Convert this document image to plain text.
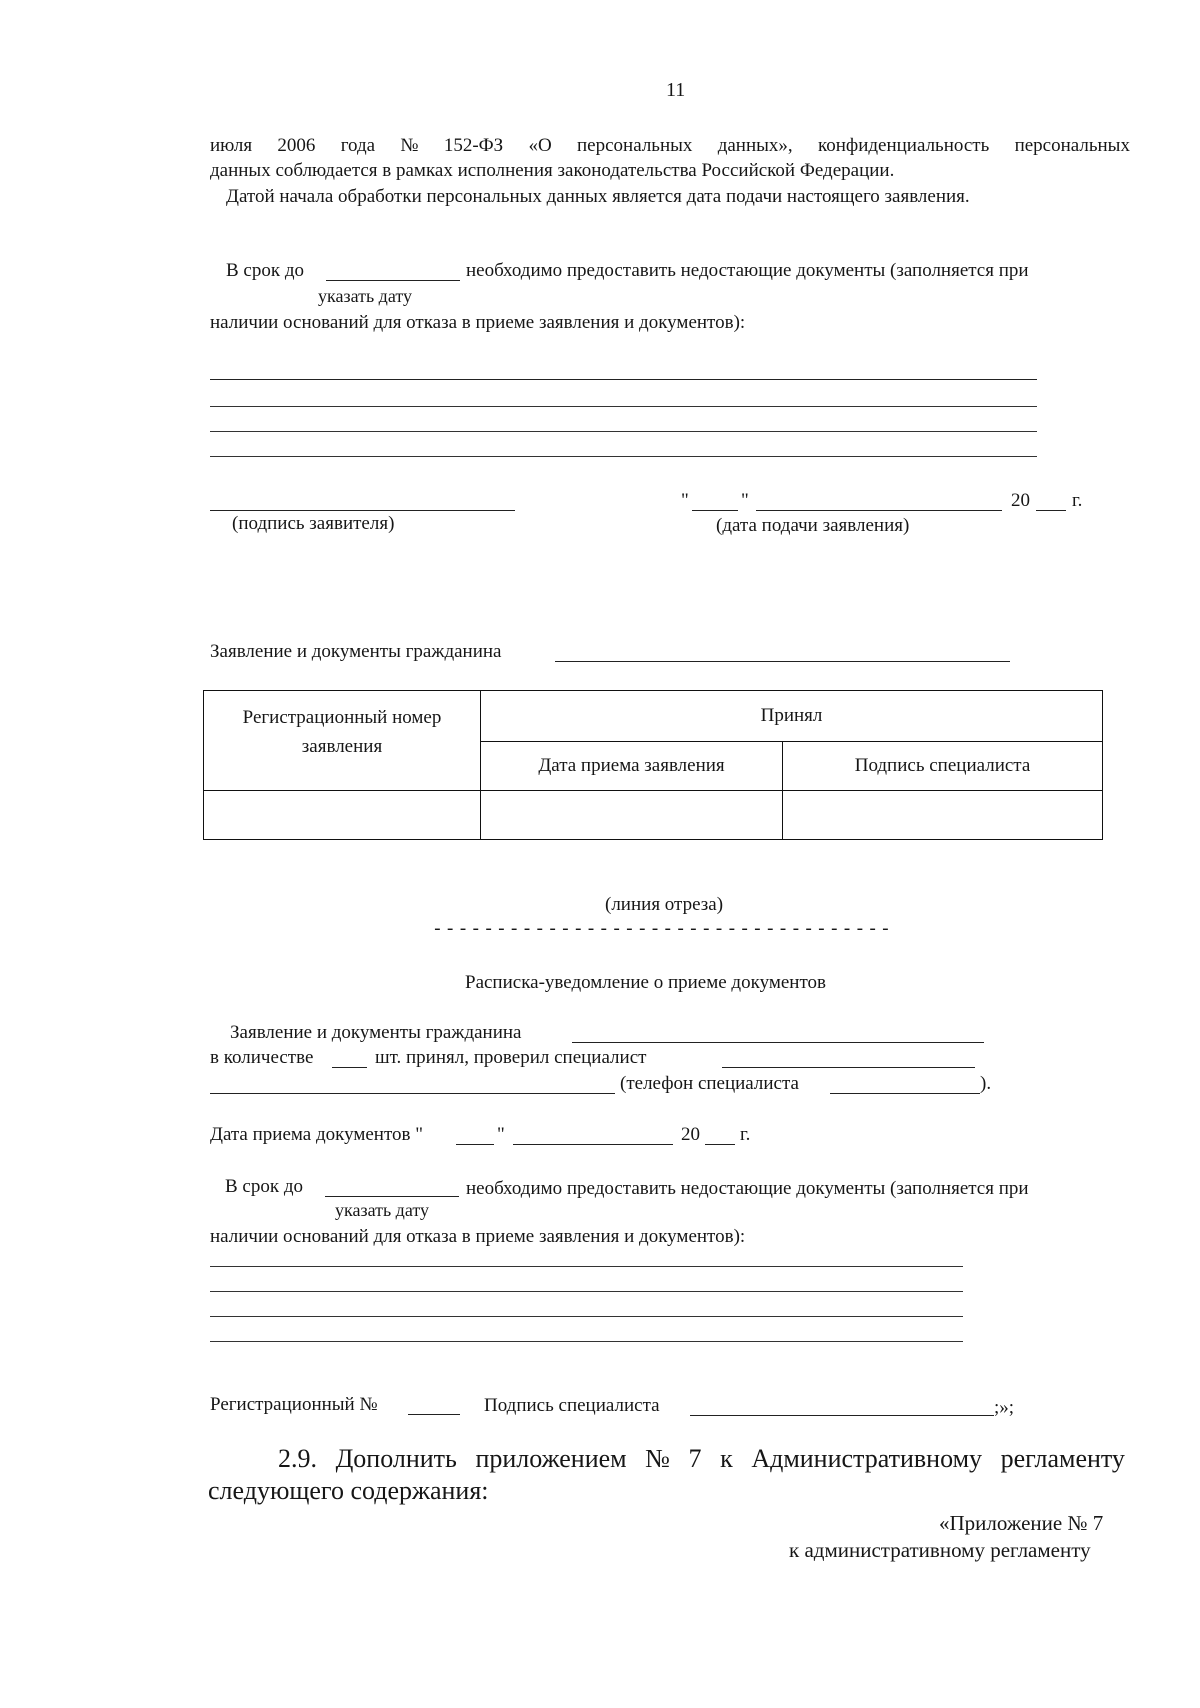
11
июля 2006 года № 152-ФЗ «О персональных данных», конфиденциальность персональных
данных соблюдается в рамках исполнения законодательства Российской Федерации.
Датой начала обработки персональных данных является дата подачи настоящего заявления.
В срок до	необходимо предоставить недостающие документы (заполняется при
указать дату
наличии оснований для отказа в приеме заявления и документов):
"	"	20 г.
(подпись заявителя)	(дата подачи заявления)
Заявление и документы гражданина
Регистрационный номер заявления	Принял	
	Дата приема заявления	Подпись специалиста

(линия отреза)
------------------------------------
Расписка-уведомление о приеме документов
Заявление и документы гражданина
в количестве	шт. принял, проверил специалист
(телефон специалиста	).
Дата приема документов "	"	20 г.
В срок до	необходимо предоставить недостающие документы (заполняется при
указать дату
наличии оснований для отказа в приеме заявления и документов):
Регистрационный №	Подпись специалиста	;»;
2.9. Дополнить приложением № 7 к Административному регламенту
следующего содержания:
«Приложение № 7
к административному регламенту
